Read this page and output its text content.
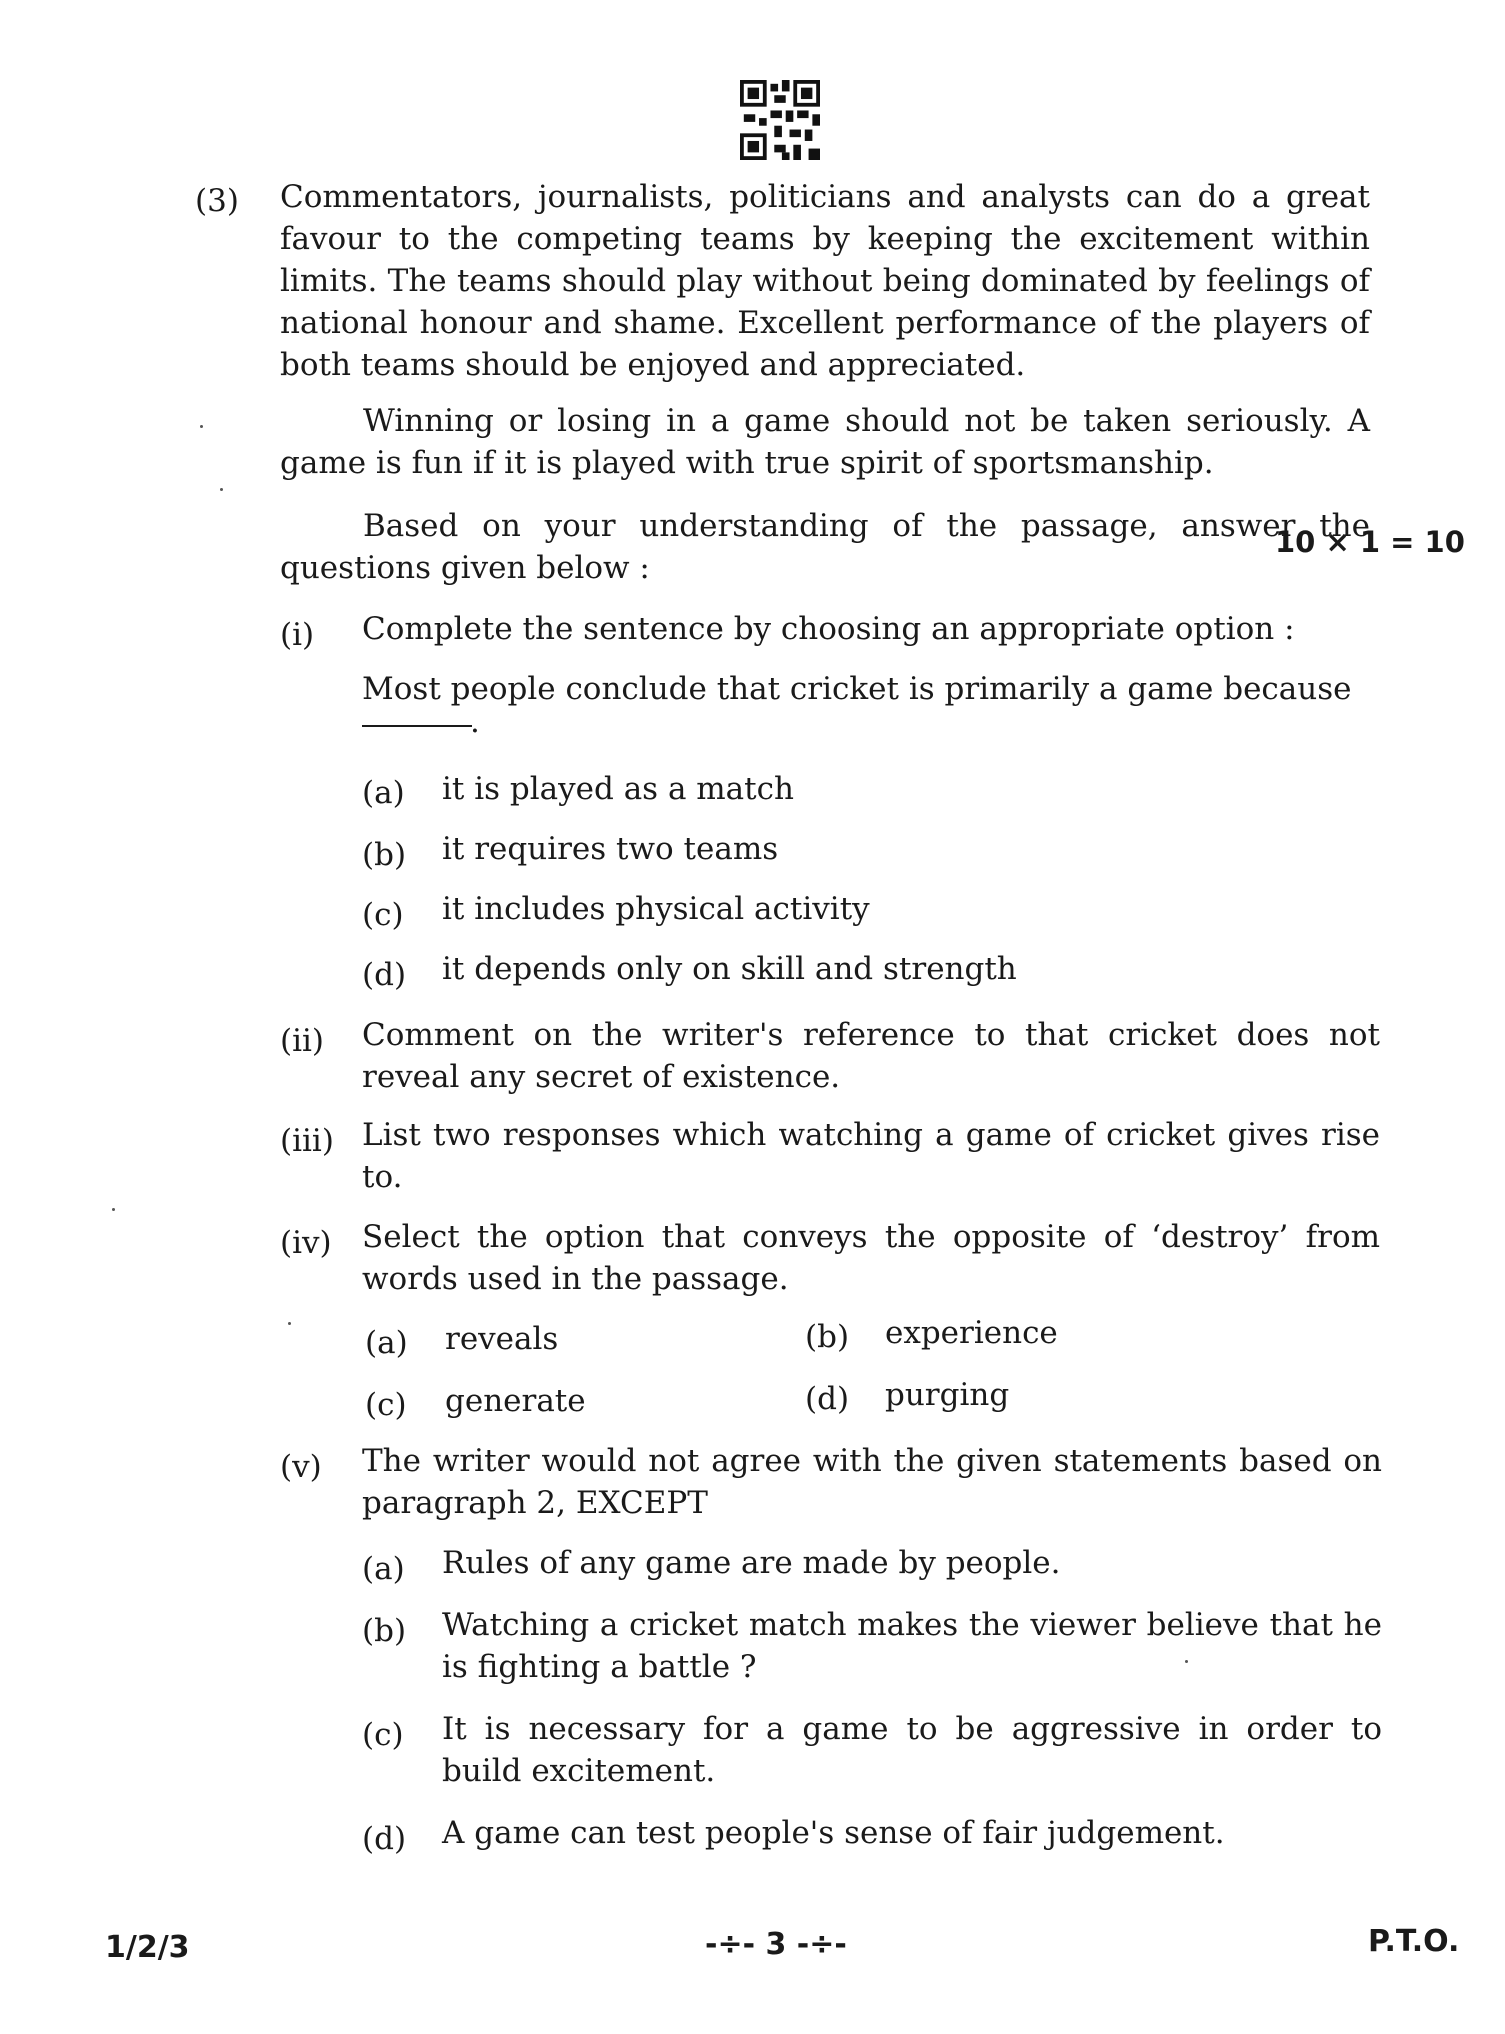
(3) Commentators, journalists, politicians and analysts can do a great favour to the competing teams by keeping the excitement within limits. The teams should play without being dominated by feelings of national honour and shame. Excellent performance of the players of both teams should be enjoyed and appreciated.
Winning or losing in a game should not be taken seriously. A game is fun if it is played with true spirit of sportsmanship.
Based on your understanding of the passage, answer the questions given below :
10 × 1 = 10
(i) Complete the sentence by choosing an appropriate option :
Most people conclude that cricket is primarily a game because
.
(a) it is played as a match
(b) it requires two teams
(c) it includes physical activity
(d) it depends only on skill and strength
(ii) Comment on the writer's reference to that cricket does not reveal any secret of existence.
(iii) List two responses which watching a game of cricket gives rise to.
(iv) Select the option that conveys the opposite of ‘destroy’ from words used in the passage.
(a) reveals	(b) experience
(c) generate	(d) purging
(v) The writer would not agree with the given statements based on paragraph 2, EXCEPT
(a) Rules of any game are made by people.
(b) Watching a cricket match makes the viewer believe that he is fighting a battle ?
(c) It is necessary for a game to be aggressive in order to build excitement.
(d) A game can test people's sense of fair judgement.
1/2/3	-÷- 3 -÷-	P.T.O.
